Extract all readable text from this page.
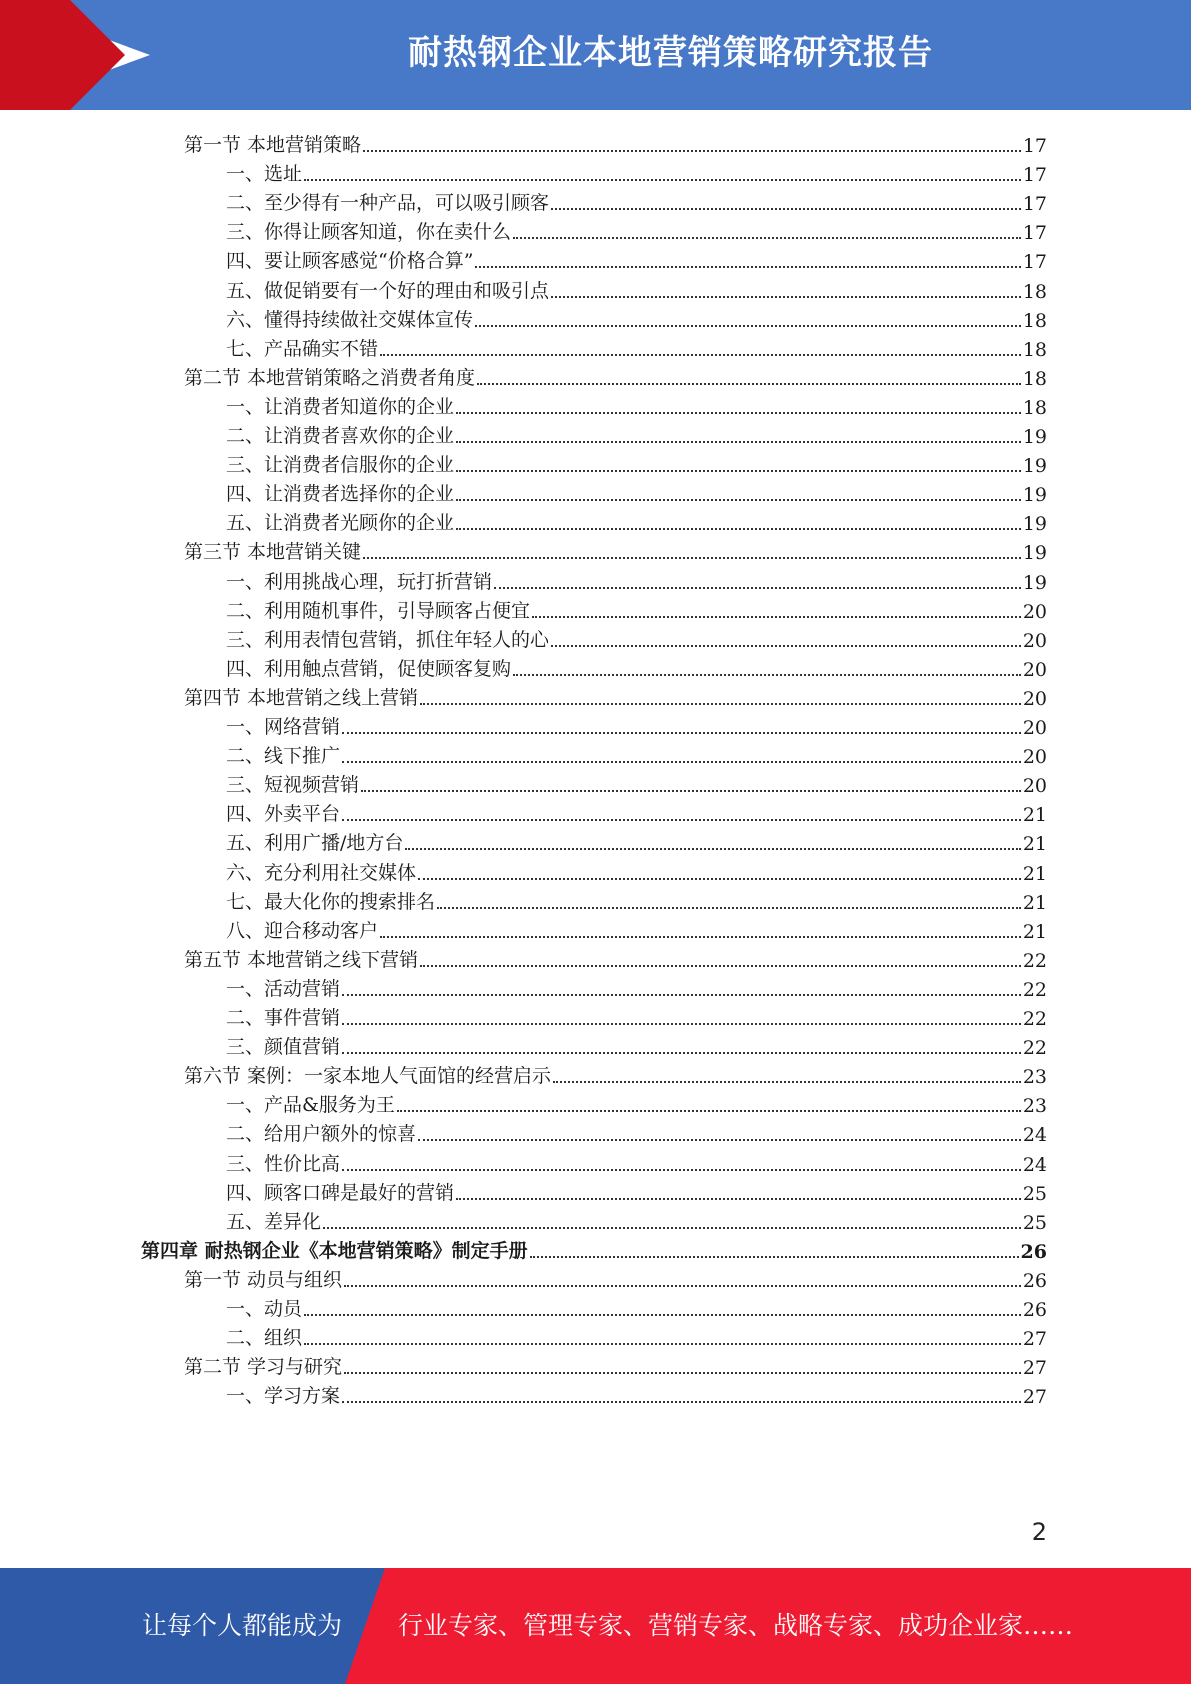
耐热钢企业本地营销策略研究报告
第一节 本地营销策略	17
一、选址	17
二、至少得有一种产品，可以吸引顾客	17
三、你得让顾客知道，你在卖什么	17
四、要让顾客感觉“价格合算”	17
五、做促销要有一个好的理由和吸引点	18
六、懂得持续做社交媒体宣传	18
七、产品确实不错	18
第二节 本地营销策略之消费者角度	18
一、让消费者知道你的企业	18
二、让消费者喜欢你的企业	19
三、让消费者信服你的企业	19
四、让消费者选择你的企业	19
五、让消费者光顾你的企业	19
第三节 本地营销关键	19
一、利用挑战心理，玩打折营销	19
二、利用随机事件，引导顾客占便宜	20
三、利用表情包营销，抓住年轻人的心	20
四、利用触点营销，促使顾客复购	20
第四节 本地营销之线上营销	20
一、网络营销	20
二、线下推广	20
三、短视频营销	20
四、外卖平台	21
五、利用广播/地方台	21
六、充分利用社交媒体	21
七、最大化你的搜索排名	21
八、迎合移动客户	21
第五节 本地营销之线下营销	22
一、活动营销	22
二、事件营销	22
三、颜值营销	22
第六节 案例：一家本地人气面馆的经营启示	23
一、产品&服务为王	23
二、给用户额外的惊喜	24
三、性价比高	24
四、顾客口碑是最好的营销	25
五、差异化	25
第四章 耐热钢企业《本地营销策略》制定手册	26
第一节 动员与组织	26
一、动员	26
二、组织	27
第二节 学习与研究	27
一、学习方案	27
2
让每个人都能成为 行业专家、管理专家、营销专家、战略专家、成功企业家……
